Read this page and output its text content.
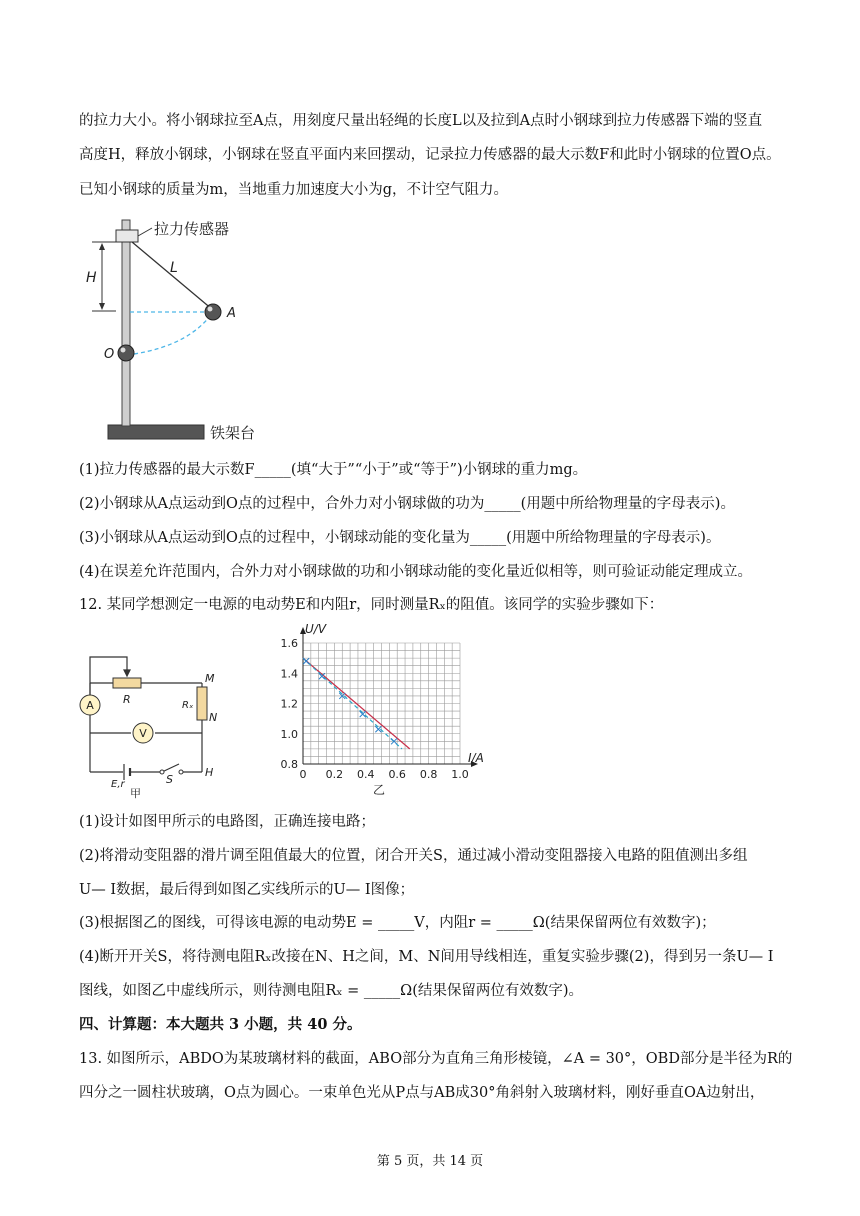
的拉力大小。将小钢球拉至A点，用刻度尺量出轻绳的长度L以及拉到A点时小钢球到拉力传感器下端的竖直
高度H，释放小钢球，小钢球在竖直平面内来回摆动，记录拉力传感器的最大示数F和此时小钢球的位置O点。
已知小钢球的质量为m，当地重力加速度大小为g，不计空气阻力。
拉力传感器
L
H
A
O
铁架台
(1)拉力传感器的最大示数F_____(填“大于”“小于”或“等于”)小钢球的重力mg。
(2)小钢球从A点运动到O点的过程中，合外力对小钢球做的功为_____(用题中所给物理量的字母表示)。
(3)小钢球从A点运动到O点的过程中，小钢球动能的变化量为_____(用题中所给物理量的字母表示)。
(4)在误差允许范围内，合外力对小钢球做的功和小钢球动能的变化量近似相等，则可验证动能定理成立。
12. 某同学想测定一电源的电动势E和内阻r，同时测量Rₓ的阻值。该同学的实验步骤如下：
A
V
R	Rₓ
M
N
H
E,r	S
甲
0 0.2 0.4 0.6 0.8 1.0
0.8
1.0
1.2
1.4
1.6
U/V
I/A
乙
(1)设计如图甲所示的电路图，正确连接电路；
(2)将滑动变阻器的滑片调至阻值最大的位置，闭合开关S，通过减小滑动变阻器接入电路的阻值测出多组
U— I数据，最后得到如图乙实线所示的U— I图像；
(3)根据图乙的图线，可得该电源的电动势E = _____V，内阻r = _____Ω(结果保留两位有效数字)；
(4)断开开关S，将待测电阻Rₓ改接在N、H之间，M、N间用导线相连，重复实验步骤(2)，得到另一条U— I
图线，如图乙中虚线所示，则待测电阻Rₓ = _____Ω(结果保留两位有效数字)。
四、计算题：本大题共 3 小题，共 40 分。
13. 如图所示，ABDO为某玻璃材料的截面，ABO部分为直角三角形棱镜，∠A = 30°，OBD部分是半径为R的
四分之一圆柱状玻璃，O点为圆心。一束单色光从P点与AB成30°角斜射入玻璃材料，刚好垂直OA边射出，
第 5 页，共 14 页
